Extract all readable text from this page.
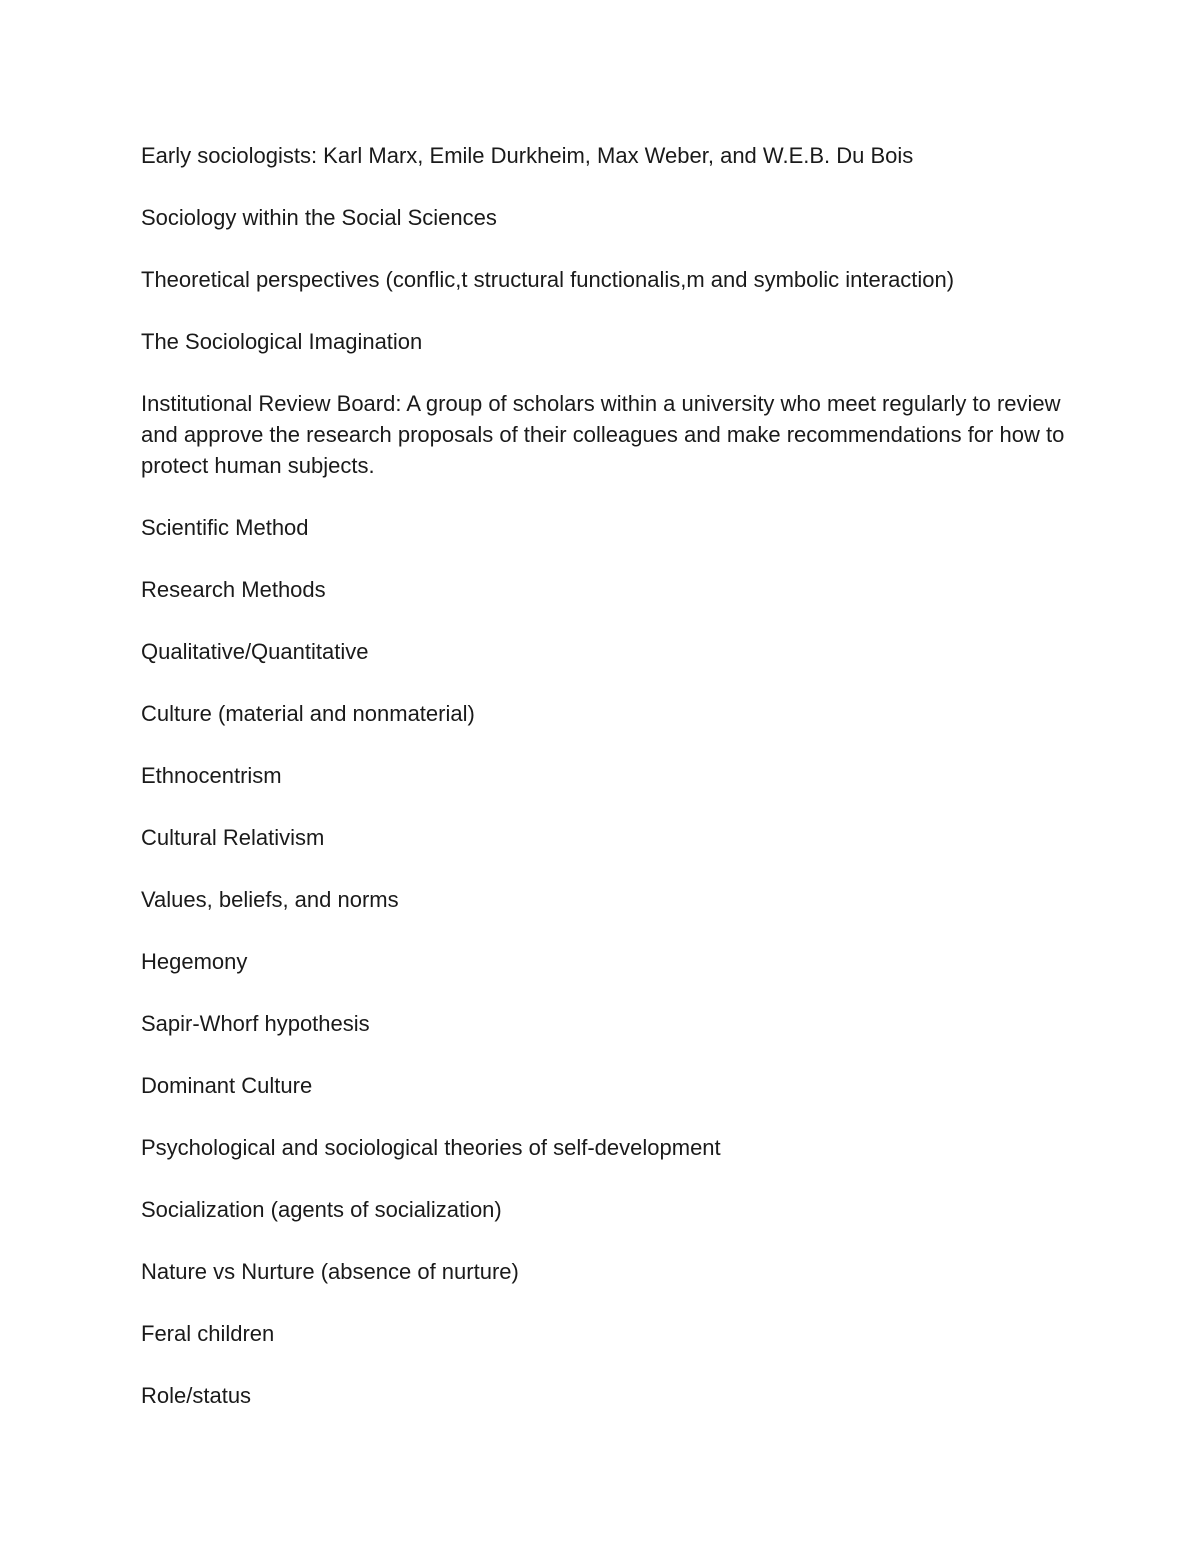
Early sociologists: Karl Marx, Emile Durkheim, Max Weber, and W.E.B. Du Bois

Sociology within the Social Sciences

Theoretical perspectives (conflic,t structural functionalis,m and symbolic interaction)

The Sociological Imagination

Institutional Review Board: A group of scholars within a university who meet regularly to review and approve the research proposals of their colleagues and make recommendations for how to protect human subjects.

Scientific Method

Research Methods

Qualitative/Quantitative

Culture (material and nonmaterial)

Ethnocentrism

Cultural Relativism

Values, beliefs, and norms

Hegemony

Sapir-Whorf hypothesis

Dominant Culture

Psychological and sociological theories of self-development

Socialization (agents of socialization)

Nature vs Nurture (absence of nurture)

Feral children

Role/status
